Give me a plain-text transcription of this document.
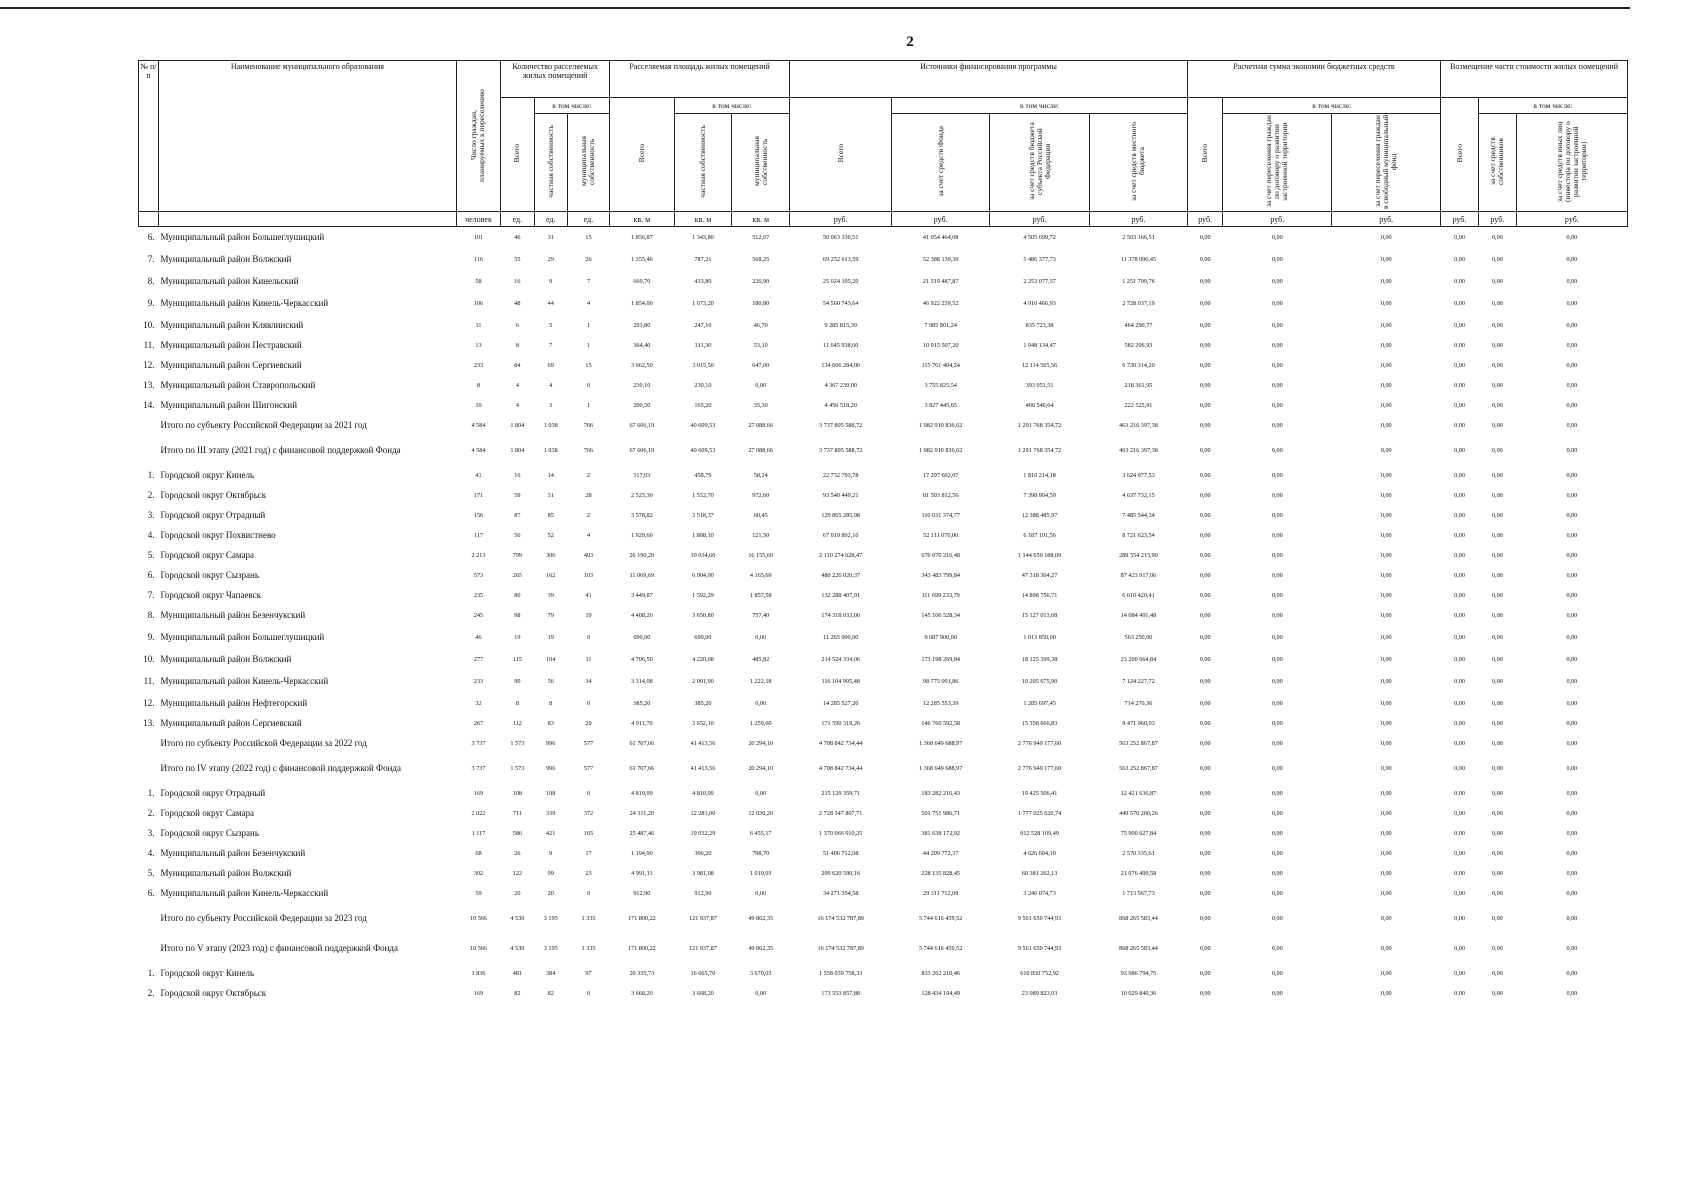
2
№ п/п	Наименование муниципального образования	Число граждан, планируемых к переселению	Количество расселяемых жилых помещений			Расселяемая площадь жилых помещений			Источники финансирования программы				Расчетная сумма экономии бюджетных средств			Возмещение части стоимости жилых помещений		
			Всего	в том числе:		Всего	в том числе:		Всего	в том числе:			Всего	в том числе:		Всего	в том числе:	
				частная собственность	муниципальная собственность		частная собственность	муниципальная собственность		за счет средств Фонда	за счет средств бюджета субъекта Российской Федерации	за счет средств местного бюджета		за счет переселения граждан по договору о развитии застроенной территории	за счет переселения граждан в свободный муниципальный фонд		за счет средств собственников	за счет средств иных лиц (инвестора по договору о развитии застроенной территории)
		человек	ед.	ед.	ед.	кв. м	кв. м	кв. м	руб.	руб.	руб.	руб.	руб.	руб.	руб.	руб.	руб.	руб.
6.	Муниципальный район Большеглушицкий	101	46	31	15	1 856,87	1 343,80	512,07	50 063 330,51	41 054 464,08	4 505 699,72	2 503 166,51	0,00	0,00	0,00	0,00	0,00	0,00
7.	Муниципальный район Волжский	116	55	29	26	1 355,46	787,21	568,25	69 252 613,59	52 388 139,39	5 486 377,73	11 378 096,45	0,00	0,00	0,00	0,00	0,00	0,00
8.	Муниципальный район Кинельский	58	16	9	7	660,70	433,80	226,90	25 024 195,20	21 519 487,87	2 253 077,57	1 251 709,76	0,00	0,00	0,00	0,00	0,00	0,00
9.	Муниципальный район Кинель-Черкасский	106	48	44	4	1 854,00	1 673,20	180,80	54 560 743,64	46 922 239,52	4 910 466,93	2 728 037,19	0,00	0,00	0,00	0,00	0,00	0,00
10.	Муниципальный район Клявлинский	11	6	5	1	293,80	247,10	46,70	9 285 815,39	7 985 801,24	835 723,38	464 290,77	0,00	0,00	0,00	0,00	0,00	0,00
11.	Муниципальный район Пестравский	13	8	7	1	364,40	311,30	53,10	11 645 938,60	10 015 507,20	1 048 134,47	582 296,93	0,00	0,00	0,00	0,00	0,00	0,00
12.	Муниципальный район Сергиевский	233	84	69	15	3 662,50	3 015,50	647,00	134 606 284,00	115 761 404,24	12 114 565,56	6 730 314,20	0,00	0,00	0,00	0,00	0,00	0,00
13.	Муниципальный район Ставропольский	8	4	4	0	230,10	230,10	0,00	4 367 239,00	3 755 825,54	393 051,51	218 361,95	0,00	0,00	0,00	0,00	0,00	0,00
14.	Муниципальный район Шигонский	10	4	3	1	200,50	165,20	35,30	4 450 518,20	3 827 445,65	400 546,64	222 525,91	0,00	0,00	0,00	0,00	0,00	0,00
	Итого по субъекту Российской Федерации за 2021 год	4 584	1 804	1 038	766	67 606,19	40 609,53	27 088,66	3 737 895 588,72	1 982 910 836,62	1 291 768 354,72	463 216 397,38	0,00	0,00	0,00	0,00	0,00	0,00
	Итого по III этапу (2021 год) с финансовой поддержкой Фонда	4 584	1 804	1 038	766	67 606,19	40 609,53	27 088,66	3 737 895 588,72	1 982 910 836,62	1 291 768 354,72	463 216 397,38	0,00	0,00	0,00	0,00	0,00	0,00
1.	Городской округ Кинель	41	16	14	2	517,03	458,79	58,24	22 732 793,78	17 297 602,07	1 810 214,18	3 624 977,53	0,00	0,00	0,00	0,00	0,00	0,00
2.	Городской округ Октябрьск	171	59	31	28	2 525,30	1 552,70	972,60	93 540 449,21	81 503 812,56	7 398 904,50	4 637 732,15	0,00	0,00	0,00	0,00	0,00	0,00
3.	Городской округ Отрадный	156	87	85	2	3 578,82	3 518,37	60,45	129 865 285,08	110 031 374,77	12 388 485,97	7 485 544,34	0,00	0,00	0,00	0,00	0,00	0,00
4.	Городской округ Похвистнево	117	56	52	4	1 929,60	1 808,10	121,50	67 019 892,10	52 111 070,00	6 187 191,56	8 721 623,54	0,00	0,00	0,00	0,00	0,00	0,00
5.	Городской округ Самара	2 213	799	306	493	26 190,20	10 034,60	16 155,60	2 110 274 628,47	676 070 216,48	1 144 650 188,09	289 554 215,90	0,00	0,00	0,00	0,00	0,00	0,00
6.	Городской округ Сызрань	573	265	162	103	11 069,69	6 904,00	4 165,69	480 226 020,37	343 483 799,84	47 318 304,27	87 423 917,06	0,00	0,00	0,00	0,00	0,00	0,00
7.	Городской округ Чапаевск	235	80	39	41	3 449,87	1 592,29	1 857,58	132 288 407,91	111 699 233,79	14 898 756,71	6 610 420,41	0,00	0,00	0,00	0,00	0,00	0,00
8.	Муниципальный район Безенчукский	245	98	79	19	4 408,20	3 650,80	757,40	174 318 033,00	145 106 528,34	15 127 013,08	14 084 491,48	0,00	0,00	0,00	0,00	0,00	0,00
9.	Муниципальный район Большеглушицкий	46	19	19	0	690,00	690,00	0,00	11 265 000,00	9 687 900,00	1 013 850,00	563 250,00	0,00	0,00	0,00	0,00	0,00	0,00
10.	Муниципальный район Волжский	277	115	104	11	4 706,50	4 220,68	485,82	214 524 334,06	173 198 269,84	18 125 399,38	23 200 664,84	0,00	0,00	0,00	0,00	0,00	0,00
11.	Муниципальный район Кинель-Черкасский	233	90	56	34	3 314,08	2 091,90	1 222,18	116 104 995,48	98 775 091,86	10 205 675,90	7 124 227,72	0,00	0,00	0,00	0,00	0,00	0,00
12.	Муниципальный район Нефтегорский	32	8	8	0	385,20	385,20	0,00	14 285 527,20	12 285 553,39	1 285 697,45	714 276,36	0,00	0,00	0,00	0,00	0,00	0,00
13.	Муниципальный район Сергиевский	267	112	83	29	4 911,70	3 652,10	1 259,60	171 590 319,26	146 760 592,58	15 358 666,83	9 471 060,03	0,00	0,00	0,00	0,00	0,00	0,00
	Итого по субъекту Российской Федерации за 2022 год	3 737	1 573	996	577	61 707,66	41 413,56	20 294,10	4 708 842 734,44	1 368 649 688,97	2 776 940 177,60	563 252 867,87	0,00	0,00	0,00	0,00	0,00	0,00
	Итого по IV этапу (2022 год) с финансовой поддержкой Фонда	3 737	1 573	996	577	61 707,66	41 413,56	20 294,10	4 708 842 734,44	1 368 649 688,97	2 776 940 177,60	563 252 867,87	0,00	0,00	0,00	0,00	0,00	0,00
1.	Городской округ Отрадный	169	108	108	0	4 810,09	4 810,09	0,00	215 129 359,71	183 282 216,43	19 425 506,41	12 421 636,87	0,00	0,00	0,00	0,00	0,00	0,00
2.	Городской округ Самара	2 022	711	339	372	24 311,20	12 281,00	12 030,20	2 728 347 807,71	501 751 986,71	1 777 025 620,74	449 570 200,26	0,00	0,00	0,00	0,00	0,00	0,00
3.	Городской округ Сызрань	1 117	586	421	165	25 487,46	19 032,29	6 455,17	1 370 066 910,25	381 638 172,92	912 528 109,49	75 900 627,84	0,00	0,00	0,00	0,00	0,00	0,00
4.	Муниципальный район Безенчукский	68	26	9	17	1 194,90	396,20	798,70	51 406 712,08	44 209 772,37	4 626 604,10	2 570 335,61	0,00	0,00	0,00	0,00	0,00	0,00
5.	Муниципальный район Волжский	302	122	99	23	4 991,11	3 981,08	1 010,03	209 620 590,16	228 135 828,45	60 381 262,13	21 076 499,58	0,00	0,00	0,00	0,00	0,00	0,00
6.	Муниципальный район Кинель-Черкасский	59	20	20	0	912,90	912,90	0,00	34 271 354,58	29 311 712,09	3 246 074,73	1 713 567,73	0,00	0,00	0,00	0,00	0,00	0,00
	Итого по субъекту Российской Федерации за 2023 год	10 566	4 530	3 195	1 335	171 800,22	121 937,87	49 862,35	16 174 532 787,89	5 744 616 459,52	9 561 650 744,93	868 265 583,44	0,00	0,00	0,00	0,00	0,00	0,00
	Итого по V этапу (2023 год) с финансовой поддержкой Фонда	10 566	4 530	3 195	1 335	171 800,22	121 937,87	49 862,35	16 174 532 787,89	5 744 616 459,52	9 561 650 744,93	868 265 583,44	0,00	0,00	0,00	0,00	0,00	0,00
1.	Городской округ Кинель	1 836	481	384	97	20 335,73	16 665,70	3 670,03	1 558 039 758,33	833 262 210,46	610 850 752,92	93 986 794,75	0,00	0,00	0,00	0,00	0,00	0,00
2.	Городской округ Октябрьск	169	82	82	0	3 668,20	3 668,20	0,00	173 553 857,88	128 434 194,49	23 089 823,03	10 029 840,36	0,00	0,00	0,00	0,00	0,00	0,00
